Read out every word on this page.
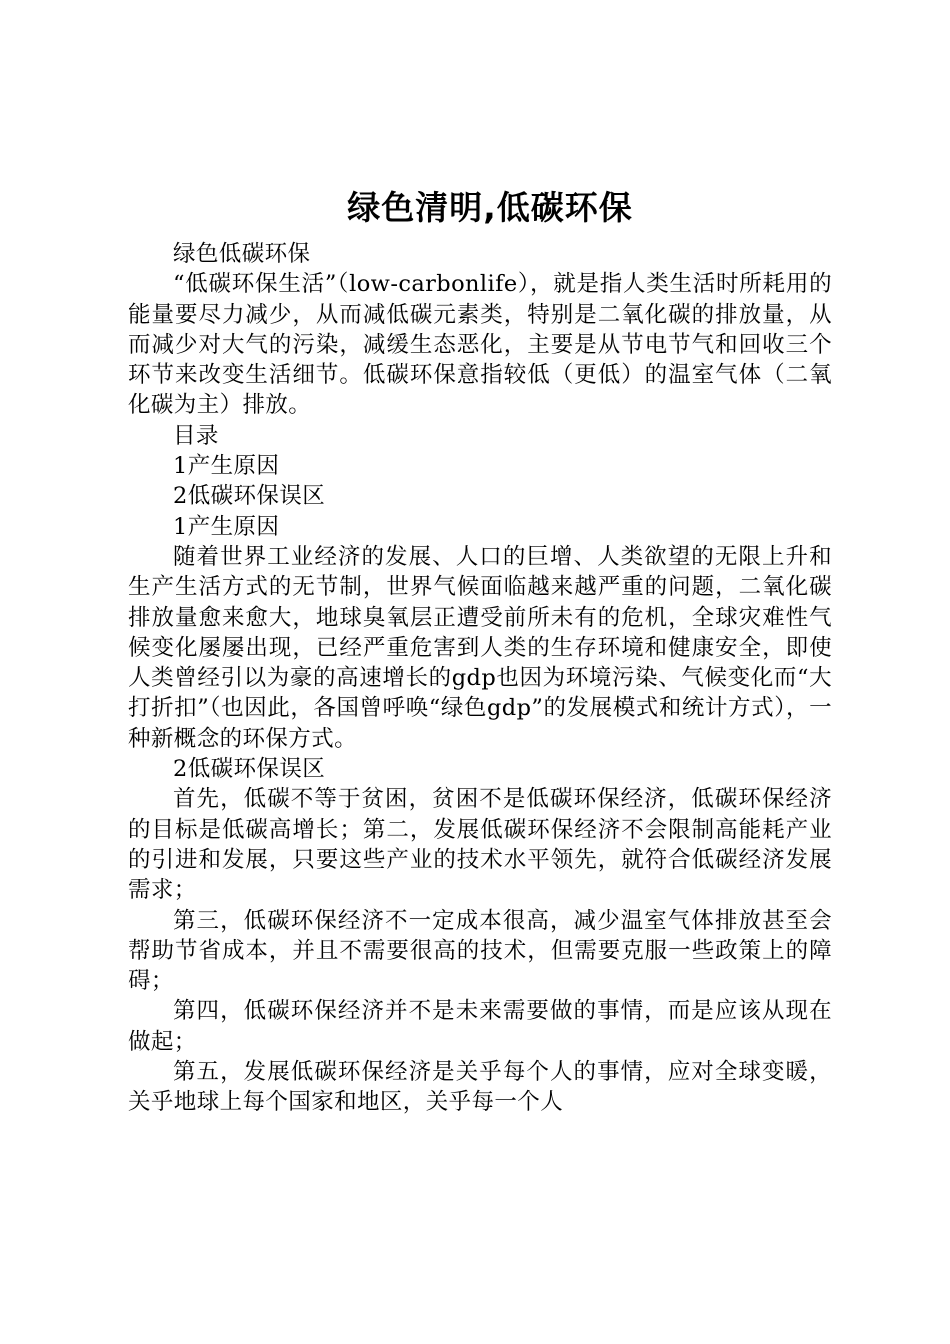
绿色清明,低碳环保

绿色低碳环保

“低碳环保生活”（low-carbonlife），就是指人类生活时所耗用的能量要尽力减少，从而减低碳元素类，特别是二氧化碳的排放量，从而减少对大气的污染，减缓生态恶化，主要是从节电节气和回收三个环节来改变生活细节。低碳环保意指较低（更低）的温室气体（二氧化碳为主）排放。

目录

1产生原因

2低碳环保误区

1产生原因

随着世界工业经济的发展、人口的巨增、人类欲望的无限上升和生产生活方式的无节制，世界气候面临越来越严重的问题，二氧化碳排放量愈来愈大，地球臭氧层正遭受前所未有的危机，全球灾难性气候变化屡屡出现，已经严重危害到人类的生存环境和健康安全，即使人类曾经引以为豪的高速增长的gdp也因为环境污染、气候变化而“大打折扣”（也因此，各国曾呼唤“绿色gdp”的发展模式和统计方式），一种新概念的环保方式。

2低碳环保误区

首先，低碳不等于贫困，贫困不是低碳环保经济，低碳环保经济的目标是低碳高增长；第二，发展低碳环保经济不会限制高能耗产业的引进和发展，只要这些产业的技术水平领先，就符合低碳经济发展需求；

第三，低碳环保经济不一定成本很高，减少温室气体排放甚至会帮助节省成本，并且不需要很高的技术，但需要克服一些政策上的障碍；

第四，低碳环保经济并不是未来需要做的事情，而是应该从现在做起；

第五，发展低碳环保经济是关乎每个人的事情，应对全球变暖，关乎地球上每个国家和地区，关乎每一个人
